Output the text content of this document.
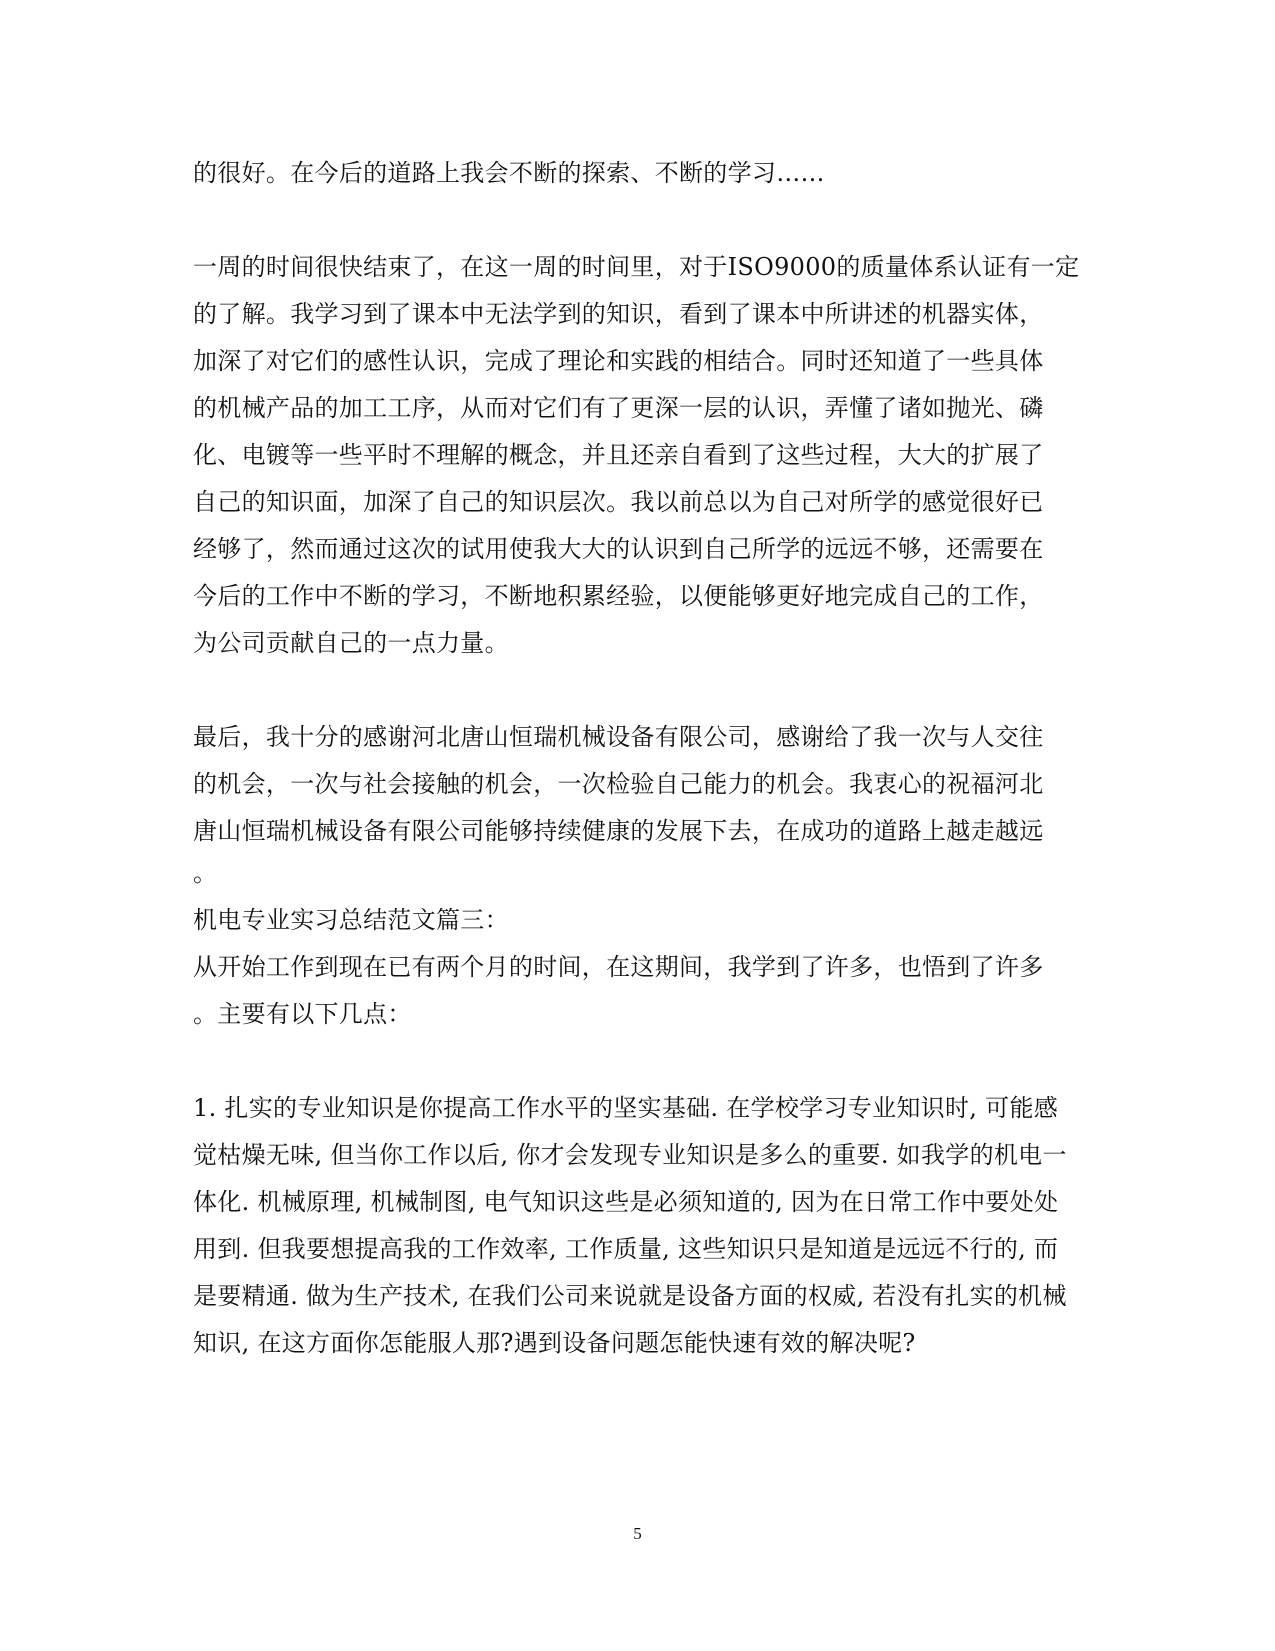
的很好。在今后的道路上我会不断的探索、不断的学习……
一周的时间很快结束了，在这一周的时间里，对于ISO9000的质量体系认证有一定
的了解。我学习到了课本中无法学到的知识，看到了课本中所讲述的机器实体，
加深了对它们的感性认识，完成了理论和实践的相结合。同时还知道了一些具体
的机械产品的加工工序，从而对它们有了更深一层的认识，弄懂了诸如抛光、磷
化、电镀等一些平时不理解的概念，并且还亲自看到了这些过程，大大的扩展了
自己的知识面，加深了自己的知识层次。我以前总以为自己对所学的感觉很好已
经够了，然而通过这次的试用使我大大的认识到自己所学的远远不够，还需要在
今后的工作中不断的学习，不断地积累经验，以便能够更好地完成自己的工作，
为公司贡献自己的一点力量。
最后，我十分的感谢河北唐山恒瑞机械设备有限公司，感谢给了我一次与人交往
的机会，一次与社会接触的机会，一次检验自己能力的机会。我衷心的祝福河北
唐山恒瑞机械设备有限公司能够持续健康的发展下去，在成功的道路上越走越远
。
机电专业实习总结范文篇三：
从开始工作到现在已有两个月的时间，在这期间，我学到了许多，也悟到了许多
。主要有以下几点：
1. 扎实的专业知识是你提高工作水平的坚实基础. 在学校学习专业知识时, 可能感
觉枯燥无味, 但当你工作以后, 你才会发现专业知识是多么的重要. 如我学的机电一
体化. 机械原理, 机械制图, 电气知识这些是必须知道的, 因为在日常工作中要处处
用到. 但我要想提高我的工作效率, 工作质量, 这些知识只是知道是远远不行的, 而
是要精通. 做为生产技术, 在我们公司来说就是设备方面的权威, 若没有扎实的机械
知识, 在这方面你怎能服人那?遇到设备问题怎能快速有效的解决呢?
5
